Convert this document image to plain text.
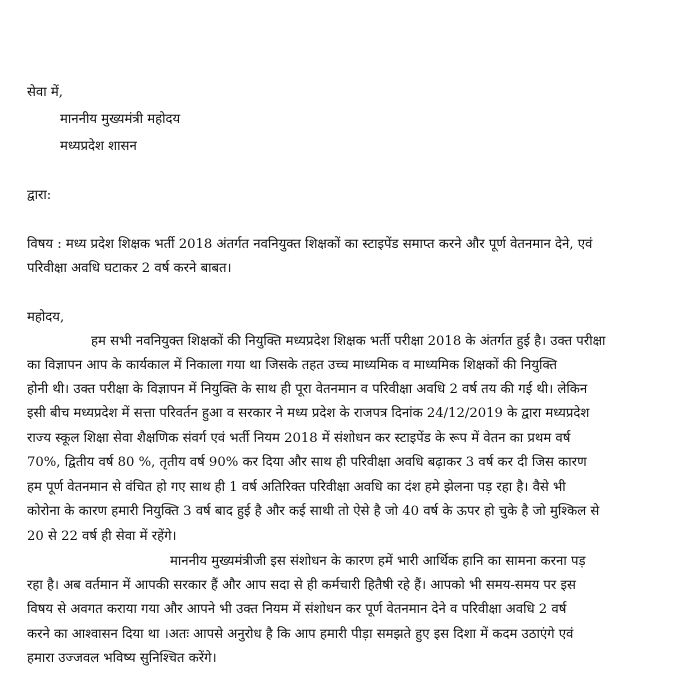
सेवा में,
माननीय मुख्यमंत्री महोदय
मध्यप्रदेश शासन
द्वारा:
विषय : मध्य प्रदेश शिक्षक भर्ती 2018 अंतर्गत नवनियुक्त शिक्षकों का स्टाइपेंड समाप्त करने और पूर्ण वेतनमान देने, एवं
परिवीक्षा अवधि घटाकर 2 वर्ष करने बाबत।
महोदय,
हम सभी नवनियुक्त शिक्षकों की नियुक्ति मध्यप्रदेश शिक्षक भर्ती परीक्षा 2018 के अंतर्गत हुई है। उक्त परीक्षा
का विज्ञापन आप के कार्यकाल में निकाला गया था जिसके तहत उच्च माध्यमिक व माध्यमिक शिक्षकों की नियुक्ति
होनी थी। उक्त परीक्षा के विज्ञापन में नियुक्ति के साथ ही पूरा वेतनमान व परिवीक्षा अवधि 2 वर्ष तय की गई थी। लेकिन
इसी बीच मध्यप्रदेश में सत्ता परिवर्तन हुआ व सरकार ने मध्य प्रदेश के राजपत्र दिनांक 24/12/2019 के द्वारा मध्यप्रदेश
राज्य स्कूल शिक्षा सेवा शैक्षणिक संवर्ग एवं भर्ती नियम 2018 में संशोधन कर स्टाइपेंड के रूप में वेतन का प्रथम वर्ष
70%, द्वितीय वर्ष 80 %, तृतीय वर्ष 90% कर दिया और साथ ही परिवीक्षा अवधि बढ़ाकर 3 वर्ष कर दी जिस कारण
हम पूर्ण वेतनमान से वंचित हो गए साथ ही 1 वर्ष अतिरिक्त परिवीक्षा अवधि का दंश हमे झेलना पड़ रहा है। वैसे भी
कोरोना के कारण हमारी नियुक्ति 3 वर्ष बाद हुई है और कई साथी तो ऐसे है जो 40 वर्ष के ऊपर हो चुके है जो मुश्किल से
20 से 22 वर्ष ही सेवा में रहेंगे।
माननीय मुख्यमंत्रीजी इस संशोधन के कारण हमें भारी आर्थिक हानि का सामना करना पड़
रहा है। अब वर्तमान में आपकी सरकार हैं और आप सदा से ही कर्मचारी हितैषी रहे हैं। आपको भी समय-समय पर इस
विषय से अवगत कराया गया और आपने भी उक्त नियम में संशोधन कर पूर्ण वेतनमान देने व परिवीक्षा अवधि 2 वर्ष
करने का आश्वासन दिया था ।अतः आपसे अनुरोध है कि आप हमारी पीड़ा समझते हुए इस दिशा में कदम उठाएंगे एवं
हमारा उज्जवल भविष्य सुनिश्चित करेंगे।
